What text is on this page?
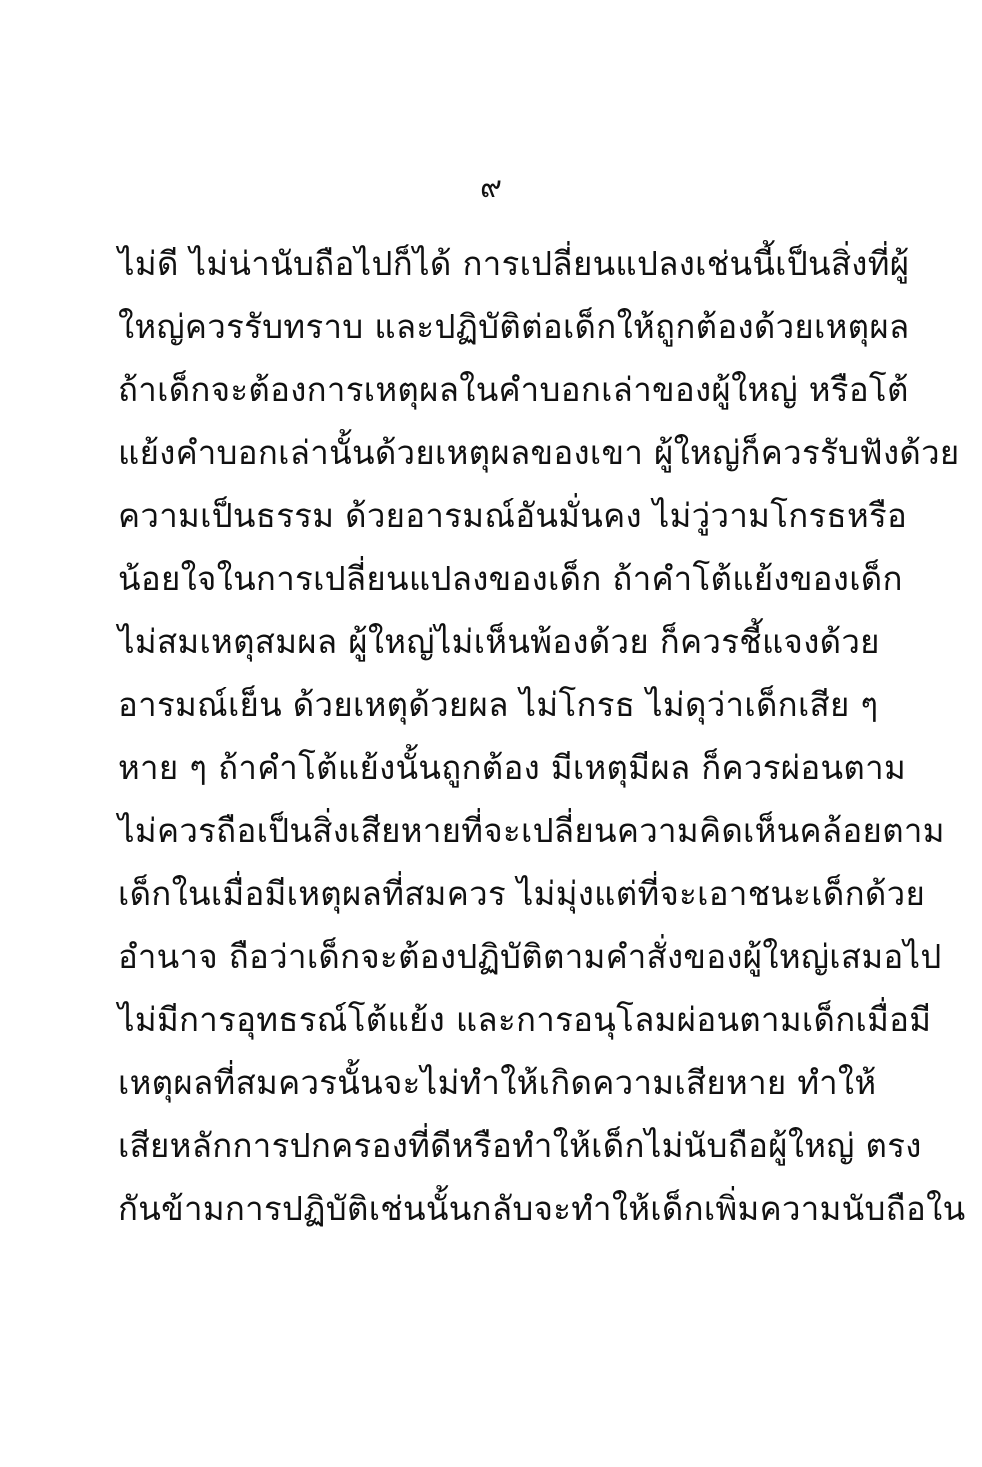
๙
ไม่ดี ไม่น่านับถือไปก็ได้ การเปลี่ยนแปลงเช่นนี้เป็นสิ่งที่ผู้
ใหญ่ควรรับทราบ และปฏิบัติต่อเด็กให้ถูกต้องด้วยเหตุผล
ถ้าเด็กจะต้องการเหตุผลในคำบอกเล่าของผู้ใหญ่ หรือโต้
แย้งคำบอกเล่านั้นด้วยเหตุผลของเขา ผู้ใหญ่ก็ควรรับฟังด้วย
ความเป็นธรรม ด้วยอารมณ์อันมั่นคง ไม่วู่วามโกรธหรือ
น้อยใจในการเปลี่ยนแปลงของเด็ก ถ้าคำโต้แย้งของเด็ก
ไม่สมเหตุสมผล ผู้ใหญ่ไม่เห็นพ้องด้วย ก็ควรชี้แจงด้วย
อารมณ์เย็น ด้วยเหตุด้วยผล ไม่โกรธ ไม่ดุว่าเด็กเสีย ๆ
หาย ๆ ถ้าคำโต้แย้งนั้นถูกต้อง มีเหตุมีผล ก็ควรผ่อนตาม
ไม่ควรถือเป็นสิ่งเสียหายที่จะเปลี่ยนความคิดเห็นคล้อยตาม
เด็กในเมื่อมีเหตุผลที่สมควร ไม่มุ่งแต่ที่จะเอาชนะเด็กด้วย
อำนาจ ถือว่าเด็กจะต้องปฏิบัติตามคำสั่งของผู้ใหญ่เสมอไป
ไม่มีการอุทธรณ์โต้แย้ง และการอนุโลมผ่อนตามเด็กเมื่อมี
เหตุผลที่สมควรนั้นจะไม่ทำให้เกิดความเสียหาย ทำให้
เสียหลักการปกครองที่ดีหรือทำให้เด็กไม่นับถือผู้ใหญ่ ตรง
กันข้ามการปฏิบัติเช่นนั้นกลับจะทำให้เด็กเพิ่มความนับถือใน
